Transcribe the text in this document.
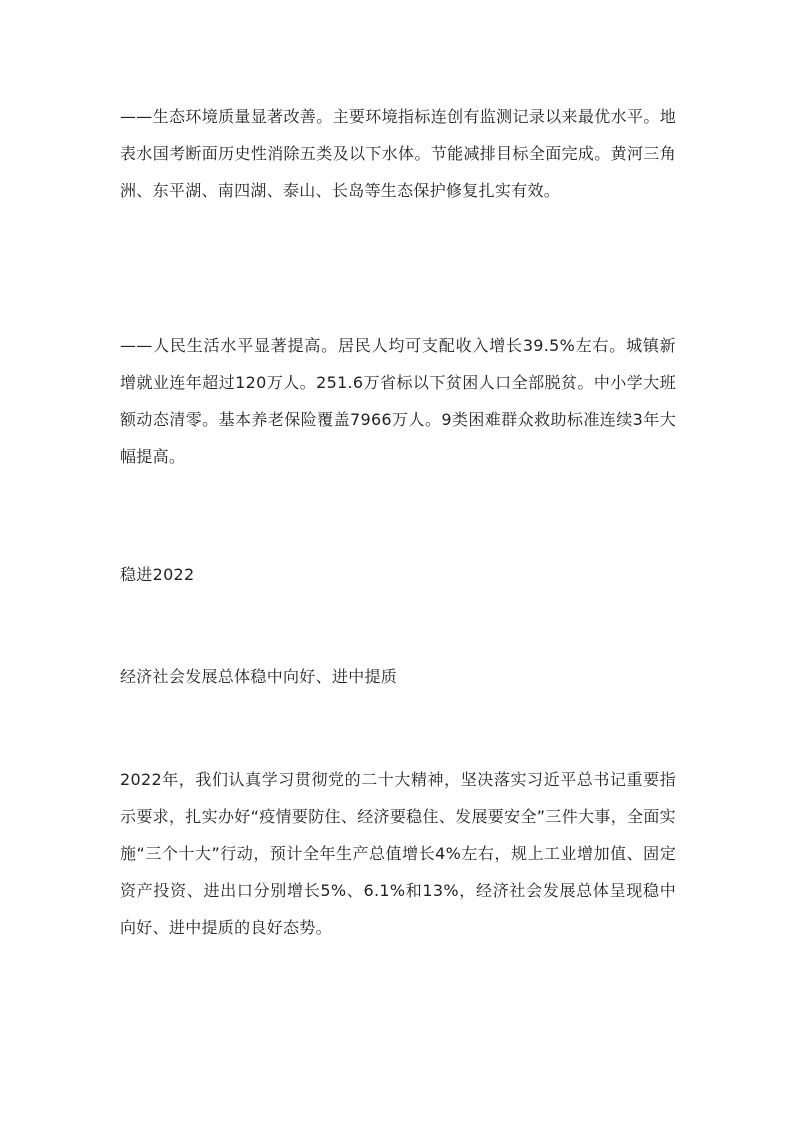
——生态环境质量显著改善。主要环境指标连创有监测记录以来最优水平。地表水国考断面历史性消除五类及以下水体。节能减排目标全面完成。黄河三角洲、东平湖、南四湖、泰山、长岛等生态保护修复扎实有效。

——人民生活水平显著提高。居民人均可支配收入增长39.5%左右。城镇新增就业连年超过120万人。251.6万省标以下贫困人口全部脱贫。中小学大班额动态清零。基本养老保险覆盖7966万人。9类困难群众救助标准连续3年大幅提高。

稳进2022
经济社会发展总体稳中向好、进中提质

2022年，我们认真学习贯彻党的二十大精神，坚决落实习近平总书记重要指示要求，扎实办好“疫情要防住、经济要稳住、发展要安全”三件大事，全面实施“三个十大”行动，预计全年生产总值增长4%左右，规上工业增加值、固定资产投资、进出口分别增长5%、6.1%和13%，经济社会发展总体呈现稳中向好、进中提质的良好态势。
